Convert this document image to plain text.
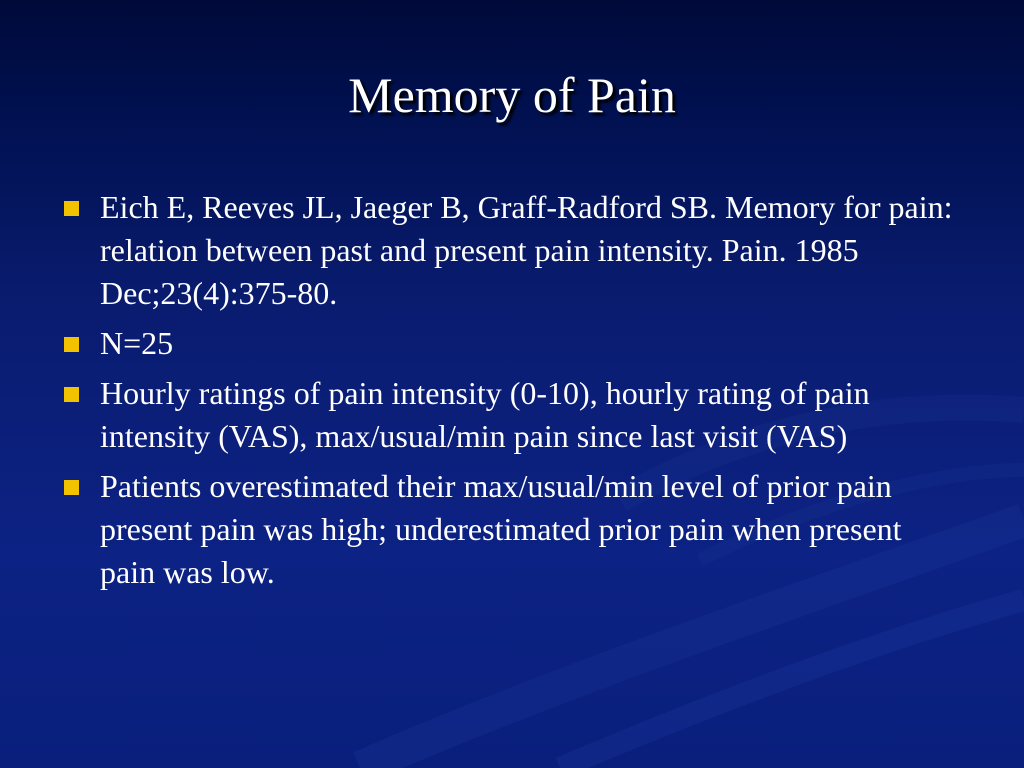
Memory of Pain
Eich E, Reeves JL, Jaeger B, Graff-Radford SB. Memory for pain: relation between past and present pain intensity. Pain. 1985 Dec;23(4):375-80.
N=25
Hourly ratings of pain intensity (0-10), hourly rating of pain intensity (VAS), max/usual/min pain since last visit (VAS)
Patients overestimated their max/usual/min level of prior pain present pain was high; underestimated prior pain when present pain was low.
